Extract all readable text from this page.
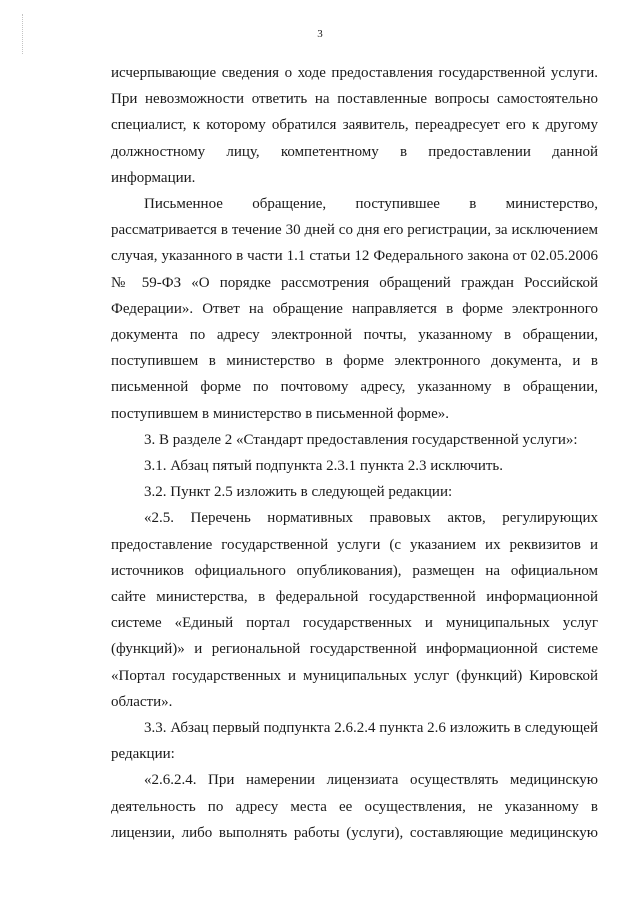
3

исчерпывающие сведения о ходе предоставления государственной услуги. При невозможности ответить на поставленные вопросы самостоятельно специалист, к которому обратился заявитель, переадресует его к другому должностному лицу, компетентному в предоставлении данной информации.

Письменное обращение, поступившее в министерство, рассматривается в течение 30 дней со дня его регистрации, за исключением случая, указанного в части 1.1 статьи 12 Федерального закона от 02.05.2006 № 59-ФЗ «О порядке рассмотрения обращений граждан Российской Федерации». Ответ на обращение направляется в форме электронного документа по адресу электронной почты, указанному в обращении, поступившем в министерство в форме электронного документа, и в письменной форме по почтовому адресу, указанному в обращении, поступившем в министерство в письменной форме».

3. В разделе 2 «Стандарт предоставления государственной услуги»:

3.1. Абзац пятый подпункта 2.3.1 пункта 2.3 исключить.

3.2. Пункт 2.5 изложить в следующей редакции:

«2.5. Перечень нормативных правовых актов, регулирующих предоставление государственной услуги (с указанием их реквизитов и источников официального опубликования), размещен на официальном сайте министерства, в федеральной государственной информационной системе «Единый портал государственных и муниципальных услуг (функций)» и региональной государственной информационной системе «Портал государственных и муниципальных услуг (функций) Кировской области».

3.3. Абзац первый подпункта 2.6.2.4 пункта 2.6 изложить в следующей редакции:

«2.6.2.4. При намерении лицензиата осуществлять медицинскую деятельность по адресу места ее осуществления, не указанному в лицензии, либо выполнять работы (услуги), составляющие медицинскую
